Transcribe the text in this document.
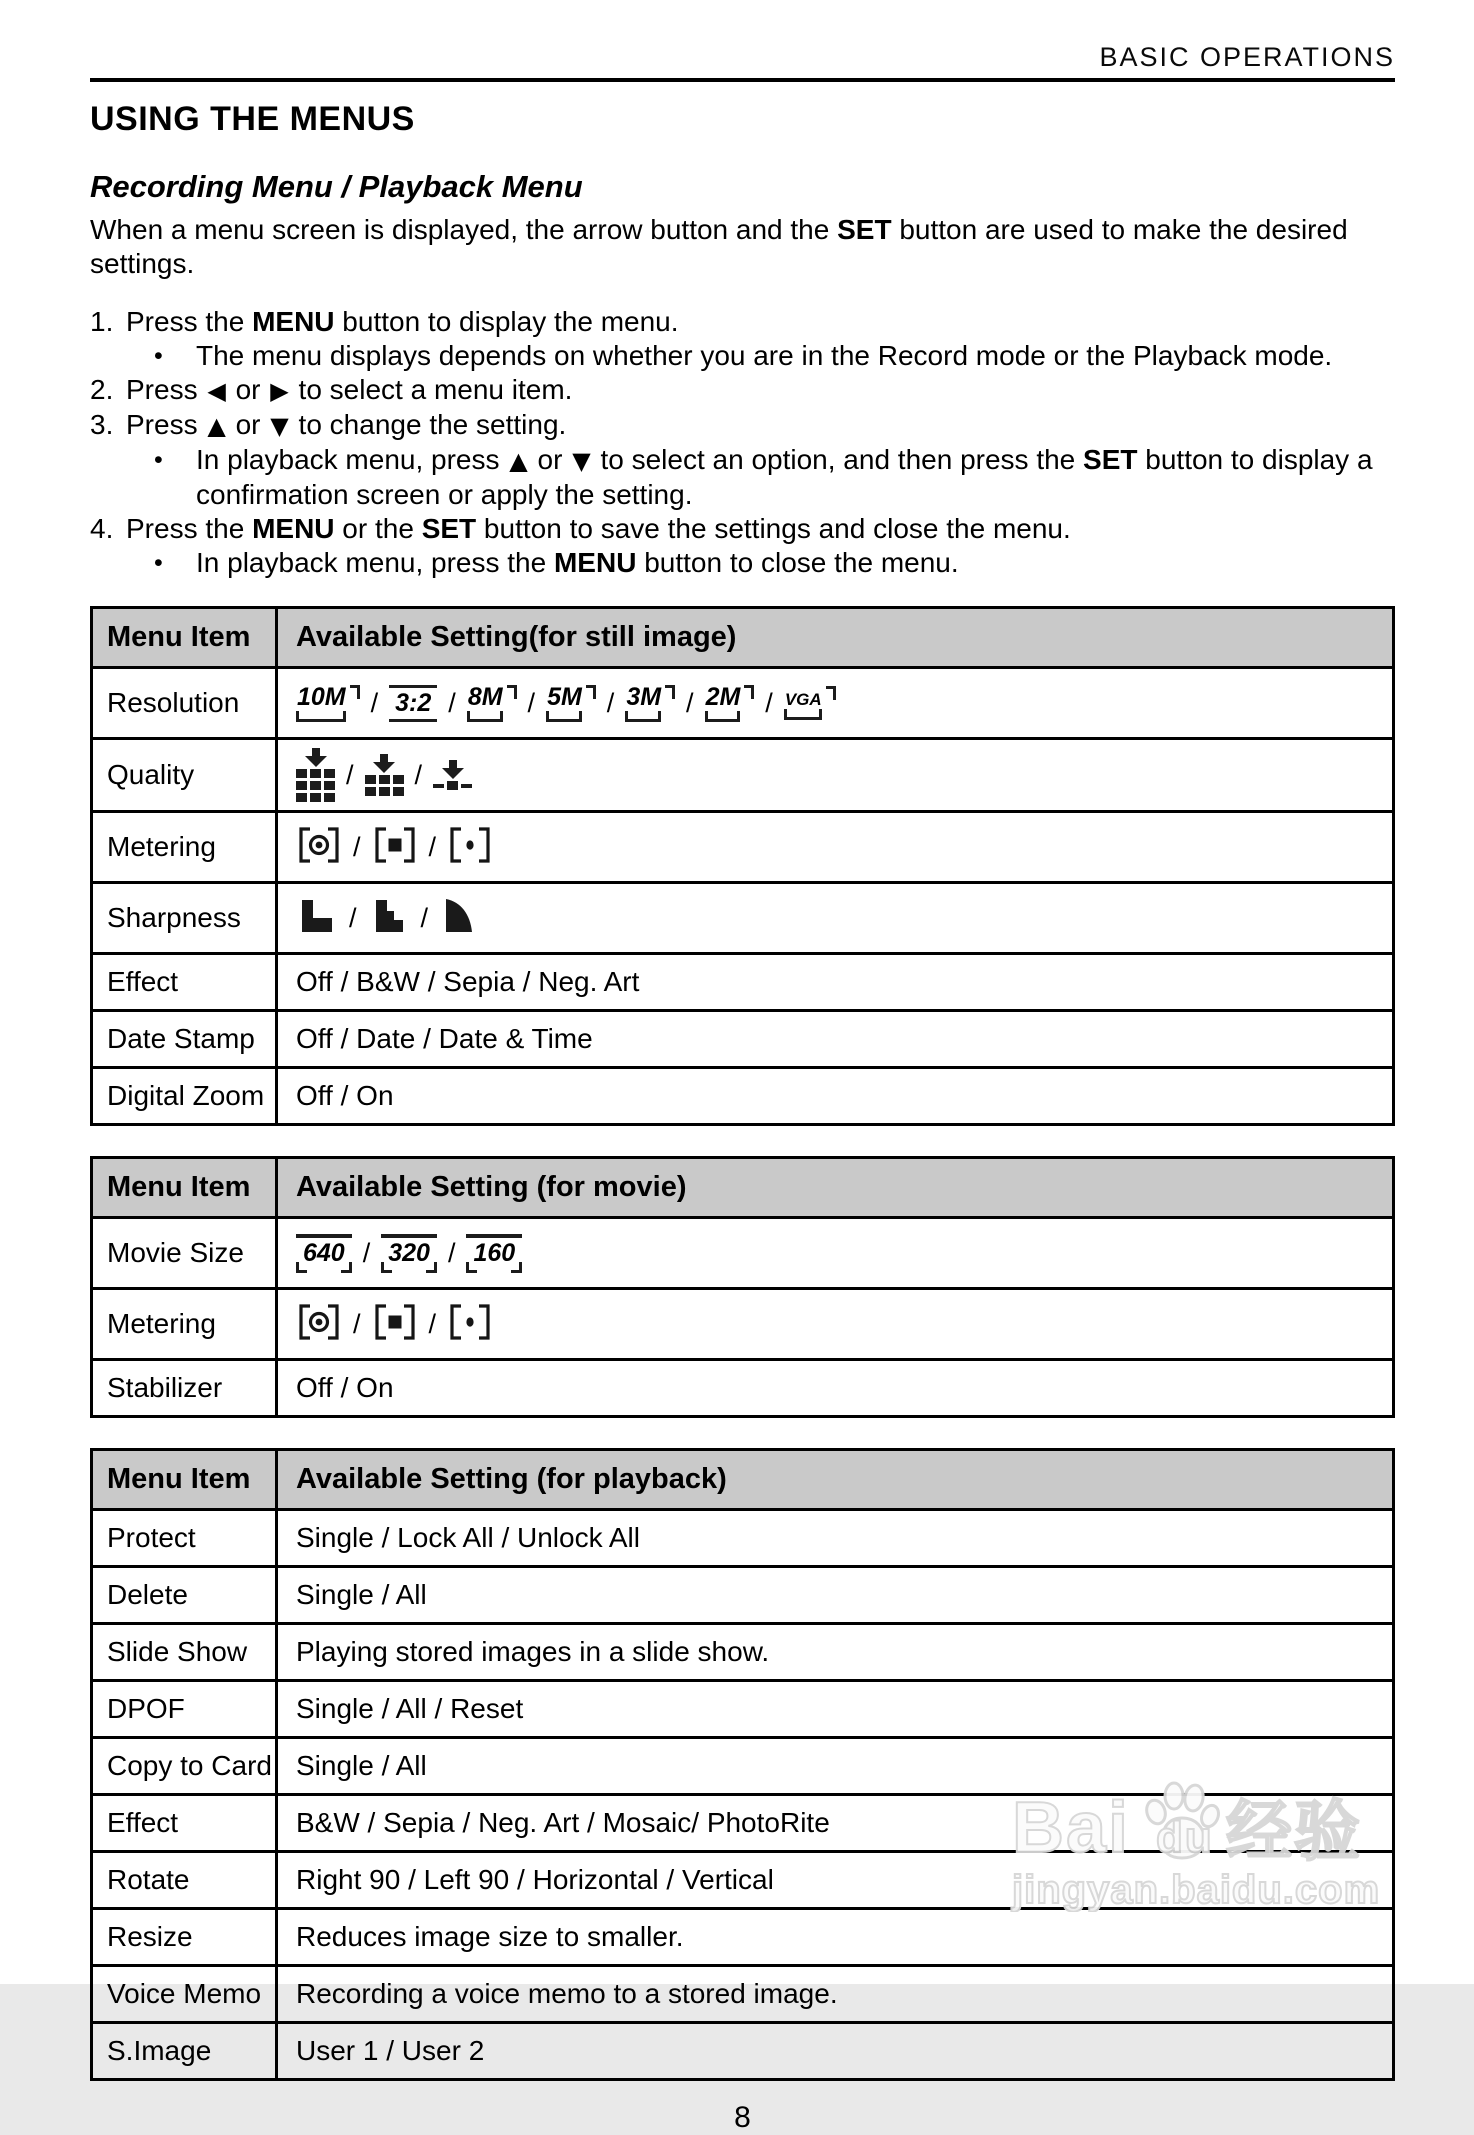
BASIC OPERATIONS
USING THE MENUS
Recording Menu / Playback Menu
When a menu screen is displayed, the arrow button and the SET button are used to make the desired
settings.
1. Press the MENU button to display the menu.
•	The menu displays depends on whether you are in the Record mode or the Playback mode.
2. Press ◀ or ▶ to select a menu item.
3. Press ▲ or ▼ to change the setting.
•	In playback menu, press ▲ or ▼ to select an option, and then press the SET button to display a
confirmation screen or apply the setting.
4. Press the MENU or the SET button to save the settings and close the menu.
•	In playback menu, press the MENU button to close the menu.
Menu Item	Available Setting(for still image)
Resolution	10M / 3:2 / 8M / 5M / 3M / 2M / VGA

Quality	/ /

Metering	/ /

Sharpness	/ /

Effect	Off / B&W / Sepia / Neg. Art
Date Stamp	Off / Date / Date & Time
Digital Zoom	Off / On
Menu Item	Available Setting (for movie)
Movie Size	640 / 320 / 160

Metering	/ /

Stabilizer	Off / On
Menu Item	Available Setting (for playback)
Protect	Single / Lock All / Unlock All
Delete	Single / All
Slide Show	Playing stored images in a slide show.
DPOF	Single / All / Reset
Copy to Card	Single / All
Effect	B&W / Sepia / Neg. Art / Mosaic/ PhotoRite
Rotate	Right 90 / Left 90 / Horizontal / Vertical
Resize	Reduces image size to smaller.
Voice Memo	Recording a voice memo to a stored image.
S.Image	User 1 / User 2
8
Bai du 经验
jingyan.baidu.com
